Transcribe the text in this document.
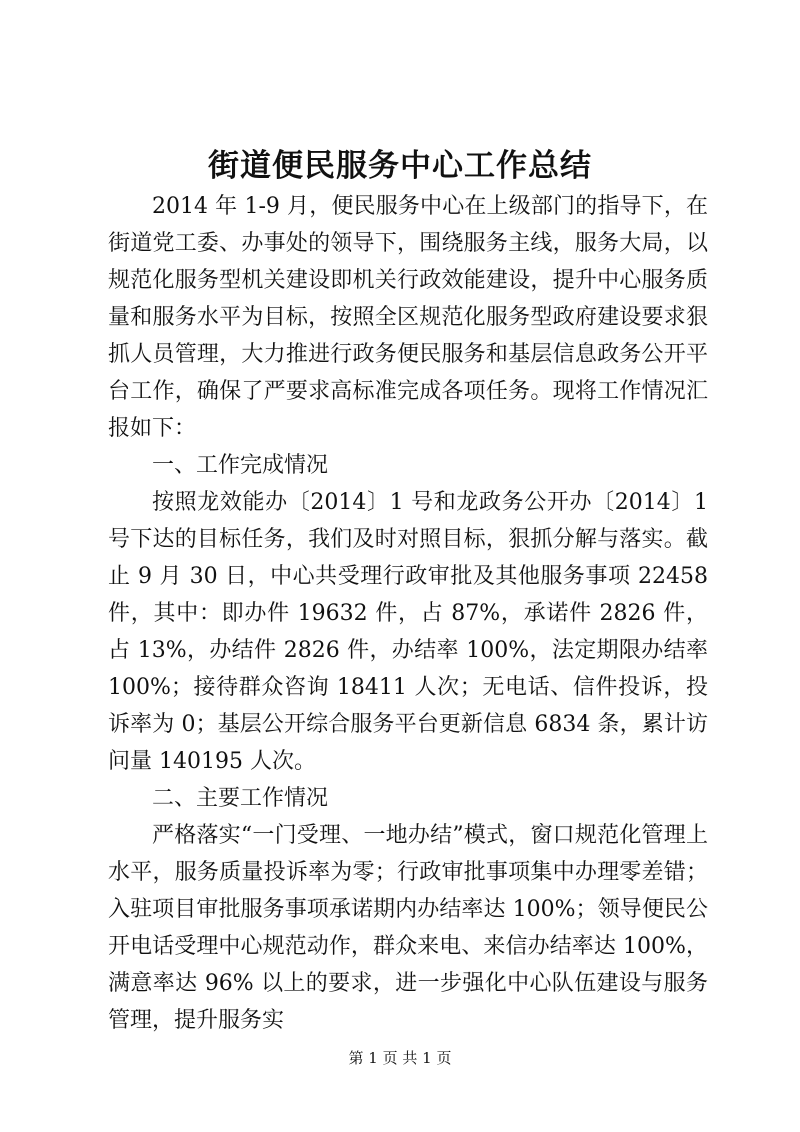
街道便民服务中心工作总结

2014 年 1-9 月，便民服务中心在上级部门的指导下，在街道党工委、办事处的领导下，围绕服务主线，服务大局，以规范化服务型机关建设即机关行政效能建设，提升中心服务质量和服务水平为目标，按照全区规范化服务型政府建设要求狠抓人员管理，大力推进行政务便民服务和基层信息政务公开平台工作，确保了严要求高标准完成各项任务。现将工作情况汇报如下：

一、工作完成情况

按照龙效能办〔2014〕1 号和龙政务公开办〔2014〕1 号下达的目标任务，我们及时对照目标，狠抓分解与落实。截止 9 月 30 日，中心共受理行政审批及其他服务事项 22458 件，其中：即办件 19632 件，占 87%，承诺件 2826 件，占 13%，办结件 2826 件，办结率 100%，法定期限办结率 100%；接待群众咨询 18411 人次；无电话、信件投诉，投诉率为 0；基层公开综合服务平台更新信息 6834 条，累计访问量 140195 人次。

二、主要工作情况

严格落实“一门受理、一地办结”模式，窗口规范化管理上水平，服务质量投诉率为零；行政审批事项集中办理零差错；入驻项目审批服务事项承诺期内办结率达 100%；领导便民公开电话受理中心规范动作，群众来电、来信办结率达 100%，满意率达 96% 以上的要求，进一步强化中心队伍建设与服务管理，提升服务实

第 1 页 共 1 页
